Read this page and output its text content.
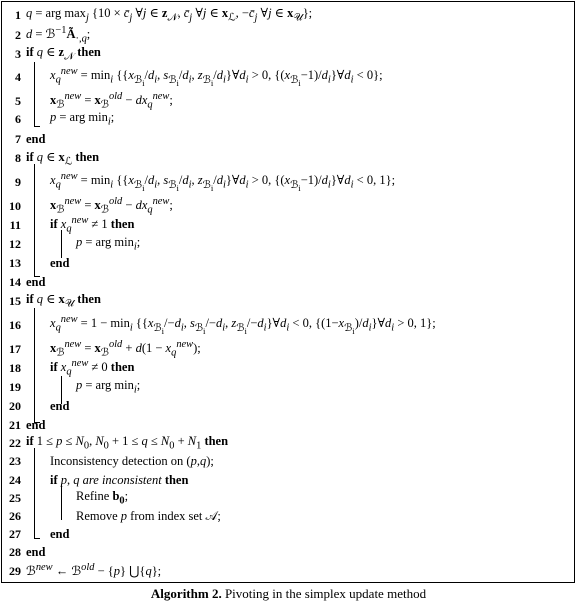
1 q = arg $\max_j \{10$ × $c̄_j$ ∀j ∈ $z_𝒩$, $c̄_j$ ∀j ∈ $x_ℒ$, $-c̄_j$ ∀j ∈ $x_𝒰$};
2 $d = ℬ^{-1}Ã_{\cdot,q}$;
3 if q ∈ $z_𝒩$ then
4 $x_q^{new} = \min_i \{\{x_{ℬ_i}/d_i$, $s_{ℬ_i}/d_i$, $z_{ℬ_i}/d_i\}\forall d_i > 0$, $\{(x_{ℬ_i}-1)/d_i\}\forall d_i < 0$};
5 $x_ℬ^{new} = x_ℬ^{old} - dx_q^{new}$;
6 p = arg $\min_i$;
7 end
8 if q ∈ $x_ℒ$ then
9 $x_q^{new} = \min_i \{\{x_{ℬ_i}/d_i$, $s_{ℬ_i}/d_i$, $z_{ℬ_i}/d_i\}\forall d_i > 0$, $\{(x_{ℬ_i}-1)/d_i\}\forall d_i < 0$, 1};
10 $x_ℬ^{new} = x_ℬ^{old} - dx_q^{new}$;
11 if $x_q^{new} \ne 1$ then
12	p = arg $\min_i$;
13 end
14 end
15 if q ∈ $x_𝒰$ then
16 $x_q^{new} = 1 - \min_i \{\{x_{ℬ_i}/-d_i$, $s_{ℬ_i}/-d_i$, $z_{ℬ_i}/-d_i\}\forall d_i < 0$, $\{(1-x_{ℬ_i})/d_i\}\forall d_i > 0$, 1};
17 $x_ℬ^{new} = x_ℬ^{old} + d(1 - x_q^{new})$;
18 if $x_q^{new} \ne 0$ then
19	p = arg $\min_i$;
20 end
21 end
22 if $1 \le p \le N_0$, $N_0 + 1 \le q \le N_0 + N_1$ then
23 Inconsistency detection on (p,q);
24 if p, q are inconsistent then
25	Refine $b_0$;
26	Remove p from index set 𝒜;
27 end
28 end
29 ℬ$^{new}$ ← ℬ$^{old}$ − {p} ⋃{q};
Algorithm 2. Pivoting in the simplex update method
